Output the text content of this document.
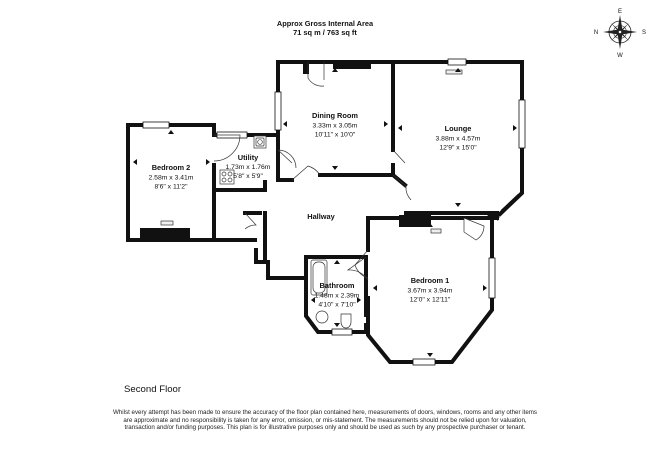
Approx Gross Internal Area
71 sq m / 763 sq ft
E
N	S
W
Dining Room
3.33m x 3.05m
10'11" x 10'0"
Lounge
3.88m x 4.57m
12'9" x 15'0"
Bedroom 2
2.58m x 3.41m
8'6" x 11'2"
Utility
1.73m x 1.76m
5'8" x 5'9"
Hallway
Bedroom 1
3.67m x 3.94m
12'0" x 12'11"
Bathroom
1.48m x 2.39m
4'10" x 7'10"
Second Floor
Whilst every attempt has been made to ensure the accuracy of the floor plan contained here, measurements of doors, windows, rooms and any other items are approximate and no responsibility is taken for any error, omission, or mis-statement. The measurements should not be relied upon for valuation, transaction and/or funding purposes. This plan is for illustrative purposes only and should be used as such by any prospective purchaser or tenant.
